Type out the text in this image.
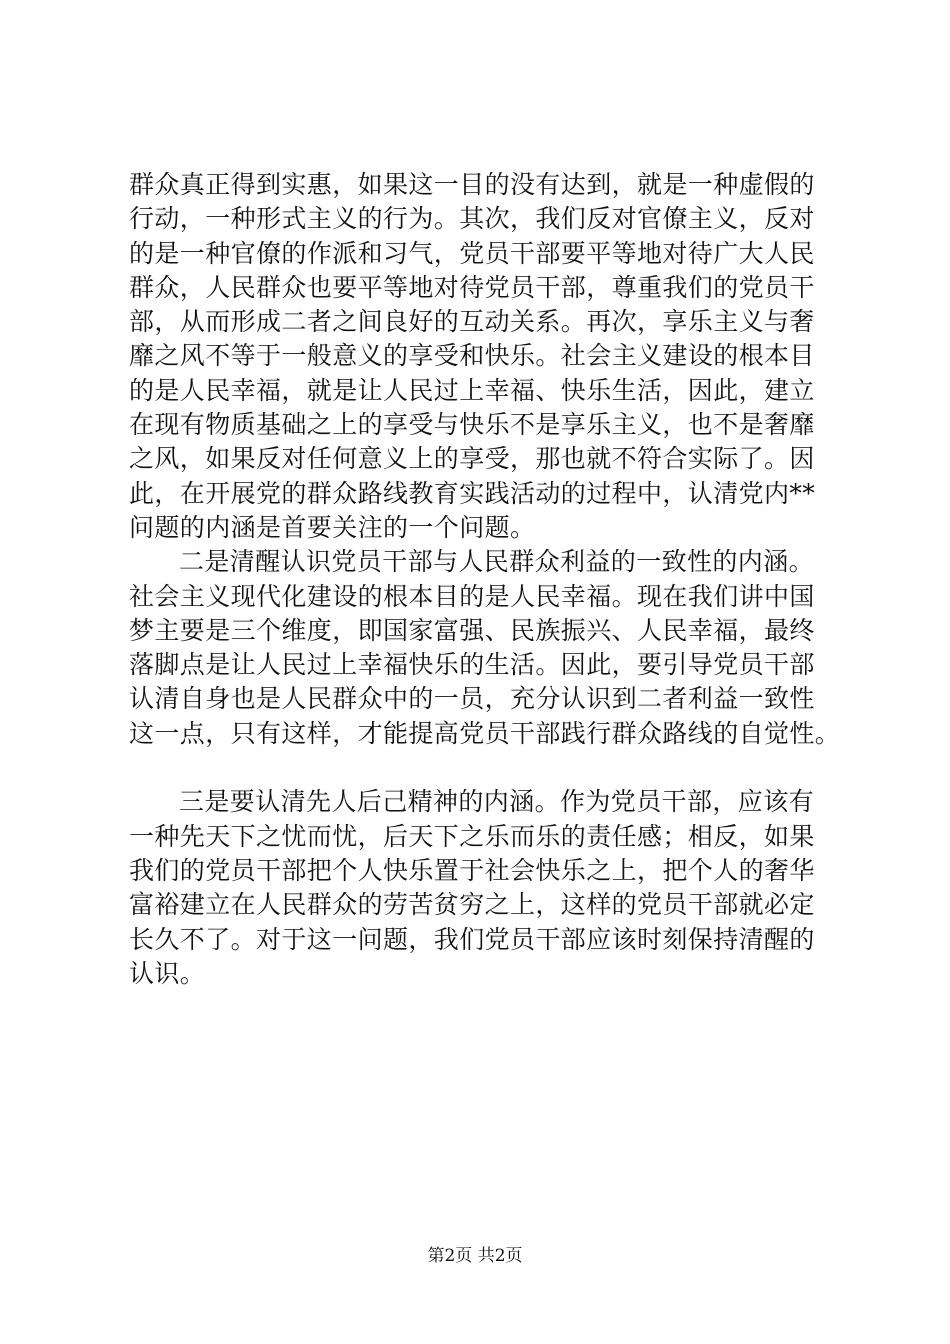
群众真正得到实惠，如果这一目的没有达到，就是一种虚假的
行动，一种形式主义的行为。其次，我们反对官僚主义，反对
的是一种官僚的作派和习气，党员干部要平等地对待广大人民
群众，人民群众也要平等地对待党员干部，尊重我们的党员干
部，从而形成二者之间良好的互动关系。再次，享乐主义与奢
靡之风不等于一般意义的享受和快乐。社会主义建设的根本目
的是人民幸福，就是让人民过上幸福、快乐生活，因此，建立
在现有物质基础之上的享受与快乐不是享乐主义，也不是奢靡
之风，如果反对任何意义上的享受，那也就不符合实际了。因
此，在开展党的群众路线教育实践活动的过程中，认清党内**
问题的内涵是首要关注的一个问题。
二是清醒认识党员干部与人民群众利益的一致性的内涵。
社会主义现代化建设的根本目的是人民幸福。现在我们讲中国
梦主要是三个维度，即国家富强、民族振兴、人民幸福，最终
落脚点是让人民过上幸福快乐的生活。因此，要引导党员干部
认清自身也是人民群众中的一员，充分认识到二者利益一致性
这一点，只有这样，才能提高党员干部践行群众路线的自觉性。
三是要认清先人后己精神的内涵。作为党员干部，应该有
一种先天下之忧而忧，后天下之乐而乐的责任感；相反，如果
我们的党员干部把个人快乐置于社会快乐之上，把个人的奢华
富裕建立在人民群众的劳苦贫穷之上，这样的党员干部就必定
长久不了。对于这一问题，我们党员干部应该时刻保持清醒的
认识。
第2页 共2页
